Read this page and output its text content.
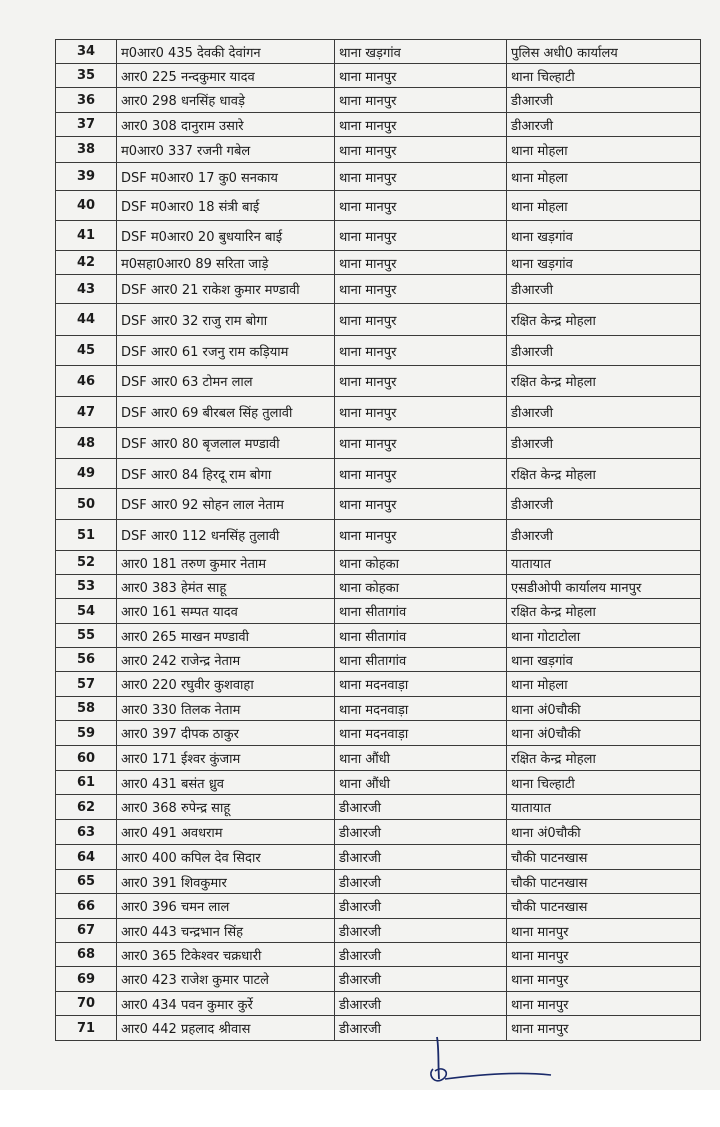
34	म0आर0 435 देवकी देवांगन	थाना खड़गांव	पुलिस अधी0 कार्यालय
35	आर0 225 नन्दकुमार यादव	थाना मानपुर	थाना चिल्हाटी
36	आर0 298 धनसिंह धावड़े	थाना मानपुर	डीआरजी
37	आर0 308 दानुराम उसारे	थाना मानपुर	डीआरजी
38	म0आर0 337 रजनी गबेल	थाना मानपुर	थाना मोहला
39	DSF म0आर0 17 कु0 सनकाय	थाना मानपुर	थाना मोहला
40	DSF म0आर0 18 संत्री बाई	थाना मानपुर	थाना मोहला
41	DSF म0आर0 20 बुधयारिन बाई	थाना मानपुर	थाना खड़गांव
42	म0सहा0आर0 89 सरिता जाड़े	थाना मानपुर	थाना खड़गांव
43	DSF आर0 21 राकेश कुमार मण्डावी	थाना मानपुर	डीआरजी
44	DSF आर0 32 राजु राम बोगा	थाना मानपुर	रक्षित केन्द्र मोहला
45	DSF आर0 61 रजनु राम कड़ियाम	थाना मानपुर	डीआरजी
46	DSF आर0 63 टोमन लाल	थाना मानपुर	रक्षित केन्द्र मोहला
47	DSF आर0 69 बीरबल सिंह तुलावी	थाना मानपुर	डीआरजी
48	DSF आर0 80 बृजलाल मण्डावी	थाना मानपुर	डीआरजी
49	DSF आर0 84 हिरदू राम बोगा	थाना मानपुर	रक्षित केन्द्र मोहला
50	DSF आर0 92 सोहन लाल नेताम	थाना मानपुर	डीआरजी
51	DSF आर0 112 धनसिंह तुलावी	थाना मानपुर	डीआरजी
52	आर0 181 तरुण कुमार नेताम	थाना कोहका	यातायात
53	आर0 383 हेमंत साहू	थाना कोहका	एसडीओपी कार्यालय मानपुर
54	आर0 161 सम्पत यादव	थाना सीतागांव	रक्षित केन्द्र मोहला
55	आर0 265 माखन मण्डावी	थाना सीतागांव	थाना गोटाटोला
56	आर0 242 राजेन्द्र नेताम	थाना सीतागांव	थाना खड़गांव
57	आर0 220 रघुवीर कुशवाहा	थाना मदनवाड़ा	थाना मोहला
58	आर0 330 तिलक नेताम	थाना मदनवाड़ा	थाना अं0चौकी
59	आर0 397 दीपक ठाकुर	थाना मदनवाड़ा	थाना अं0चौकी
60	आर0 171 ईश्वर कुंजाम	थाना औंधी	रक्षित केन्द्र मोहला
61	आर0 431 बसंत ध्रुव	थाना औंधी	थाना चिल्हाटी
62	आर0 368 रुपेन्द्र साहू	डीआरजी	यातायात
63	आर0 491 अवधराम	डीआरजी	थाना अं0चौकी
64	आर0 400 कपिल देव सिदार	डीआरजी	चौकी पाटनखास
65	आर0 391 शिवकुमार	डीआरजी	चौकी पाटनखास
66	आर0 396 चमन लाल	डीआरजी	चौकी पाटनखास
67	आर0 443 चन्द्रभान सिंह	डीआरजी	थाना मानपुर
68	आर0 365 टिकेश्वर चक्रधारी	डीआरजी	थाना मानपुर
69	आर0 423 राजेश कुमार पाटले	डीआरजी	थाना मानपुर
70	आर0 434 पवन कुमार कुर्रे	डीआरजी	थाना मानपुर
71	आर0 442 प्रहलाद श्रीवास	डीआरजी	थाना मानपुर
